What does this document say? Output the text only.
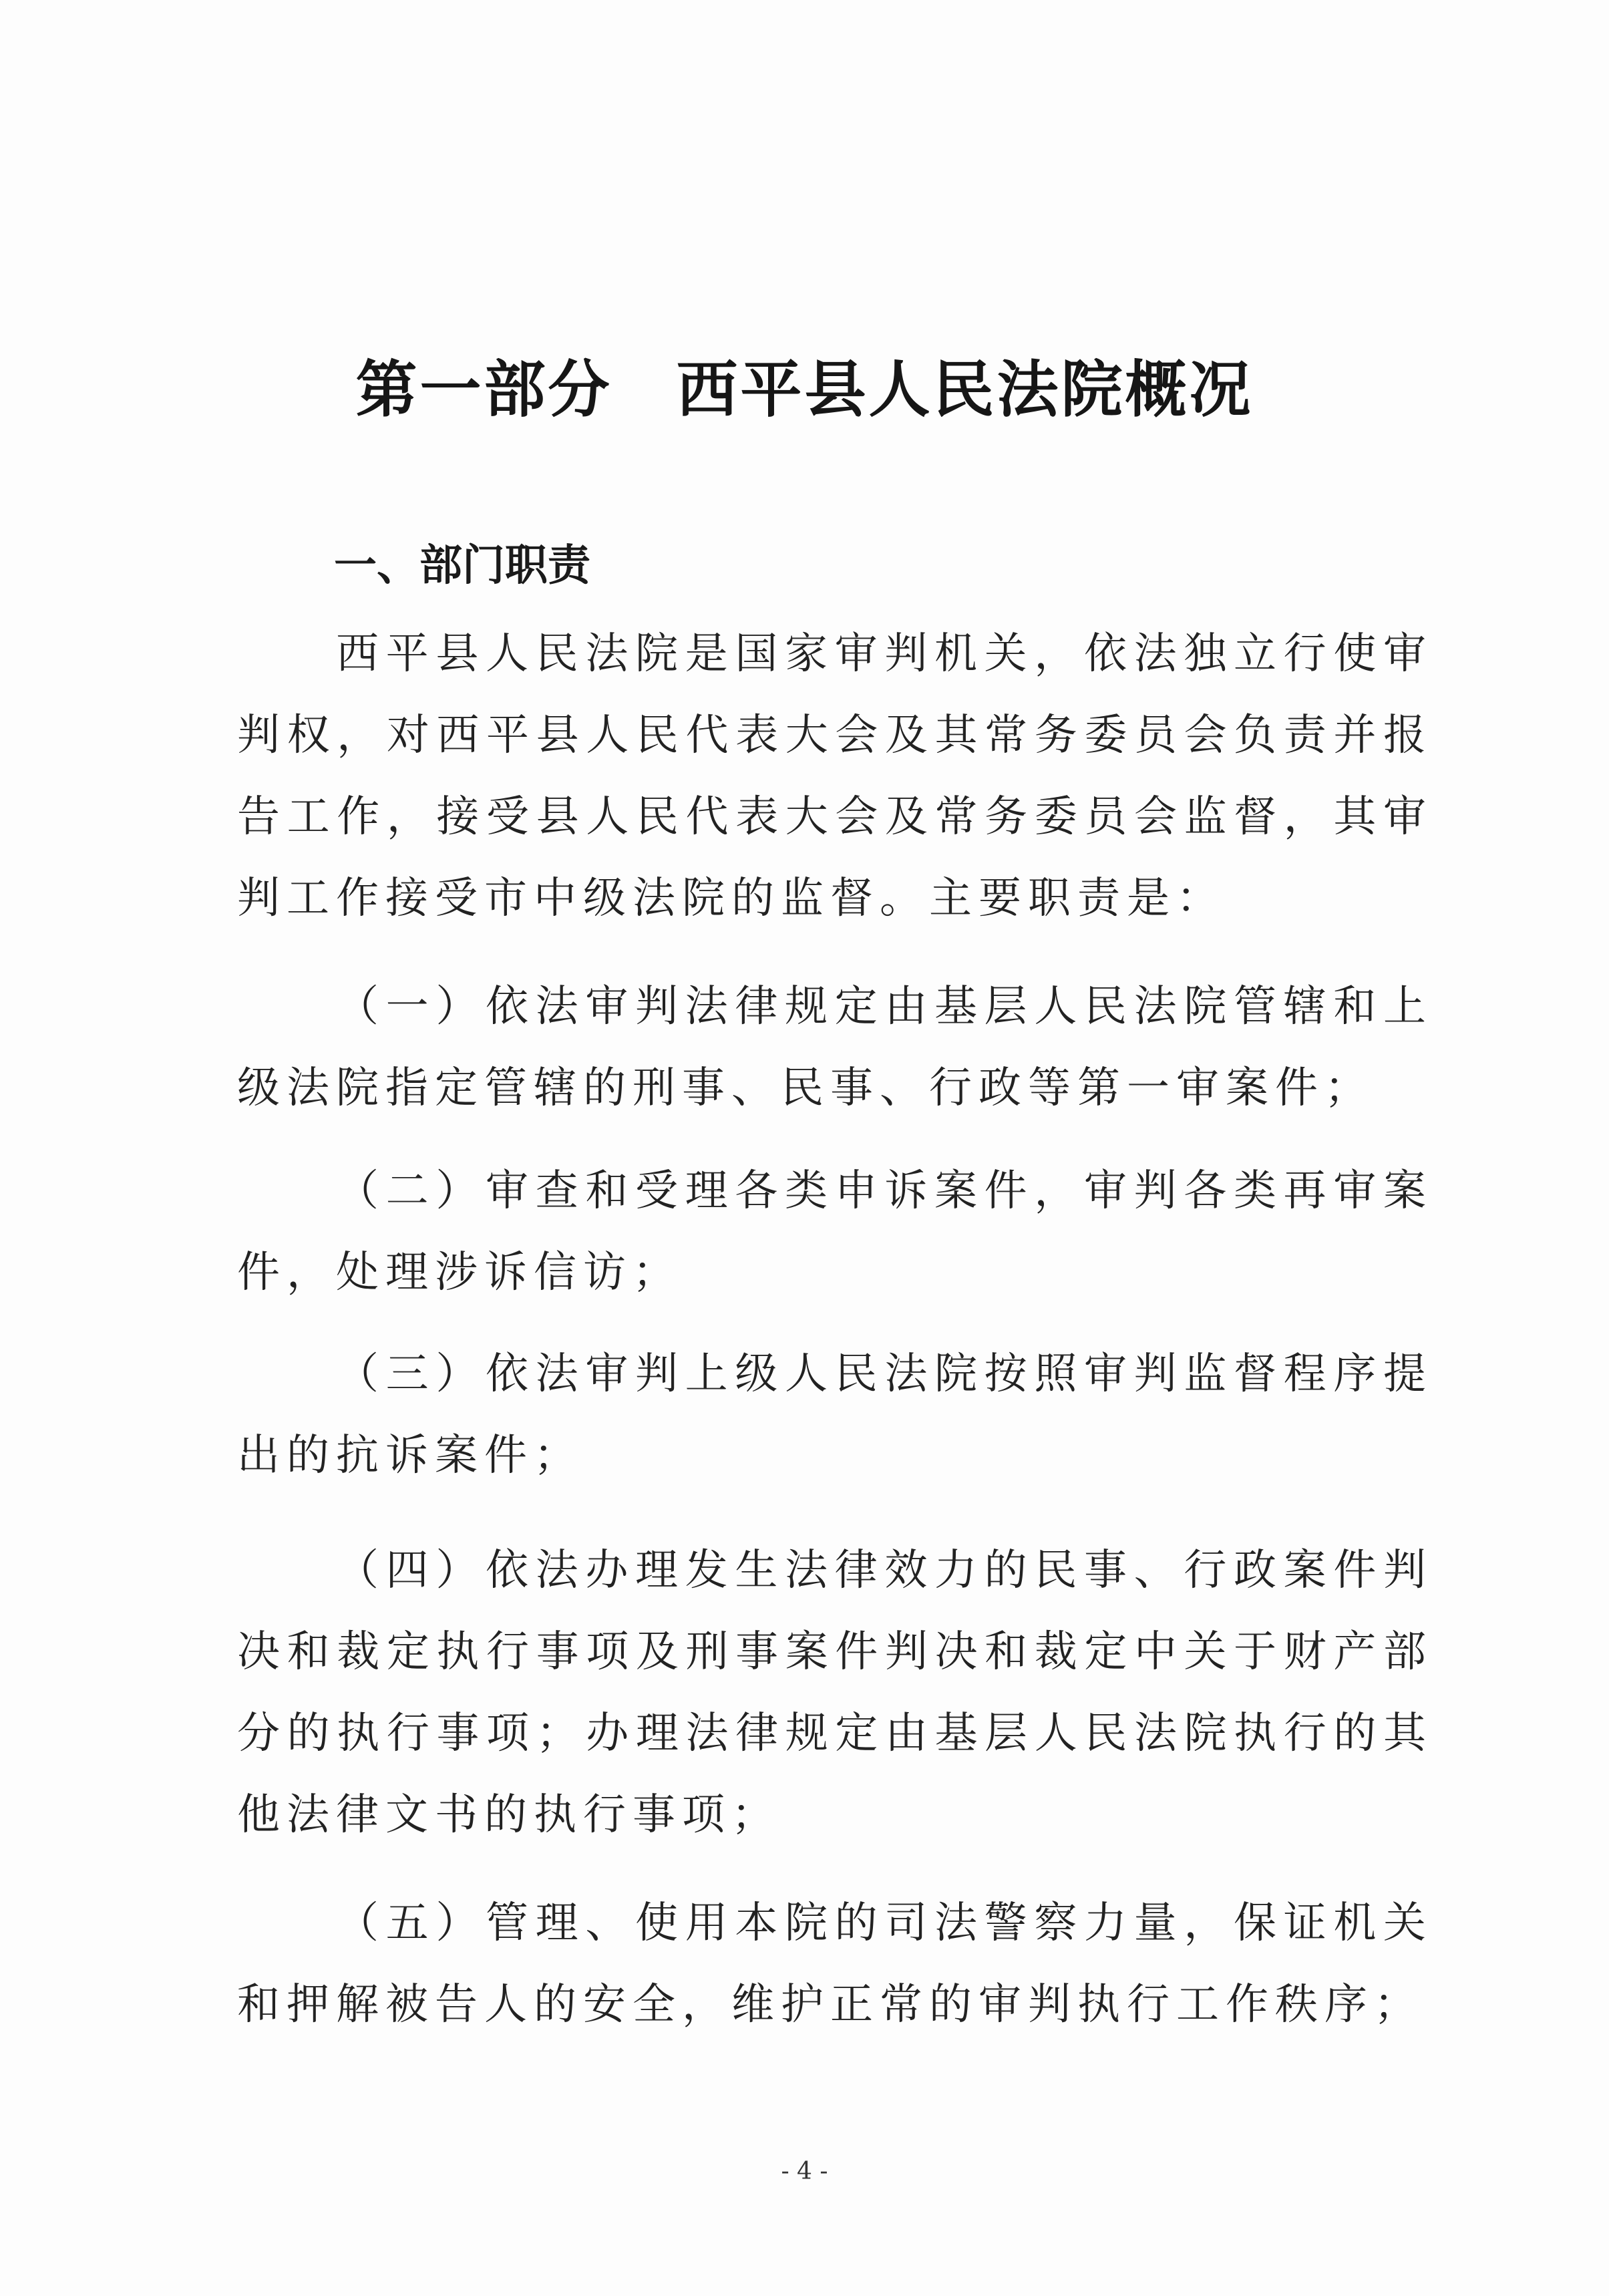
第一部分　西平县人民法院概况
一、部门职责
西平县人民法院是国家审判机关，依法独立行使审判权，对西平县人民代表大会及其常务委员会负责并报告工作，接受县人民代表大会及常务委员会监督，其审判工作接受市中级法院的监督。主要职责是：
（一）依法审判法律规定由基层人民法院管辖和上级法院指定管辖的刑事、民事、行政等第一审案件；
（二）审查和受理各类申诉案件，审判各类再审案件，处理涉诉信访；
（三）依法审判上级人民法院按照审判监督程序提出的抗诉案件；
（四）依法办理发生法律效力的民事、行政案件判决和裁定执行事项及刑事案件判决和裁定中关于财产部分的执行事项；办理法律规定由基层人民法院执行的其他法律文书的执行事项；
（五）管理、使用本院的司法警察力量，保证机关和押解被告人的安全，维护正常的审判执行工作秩序；
- 4 -
